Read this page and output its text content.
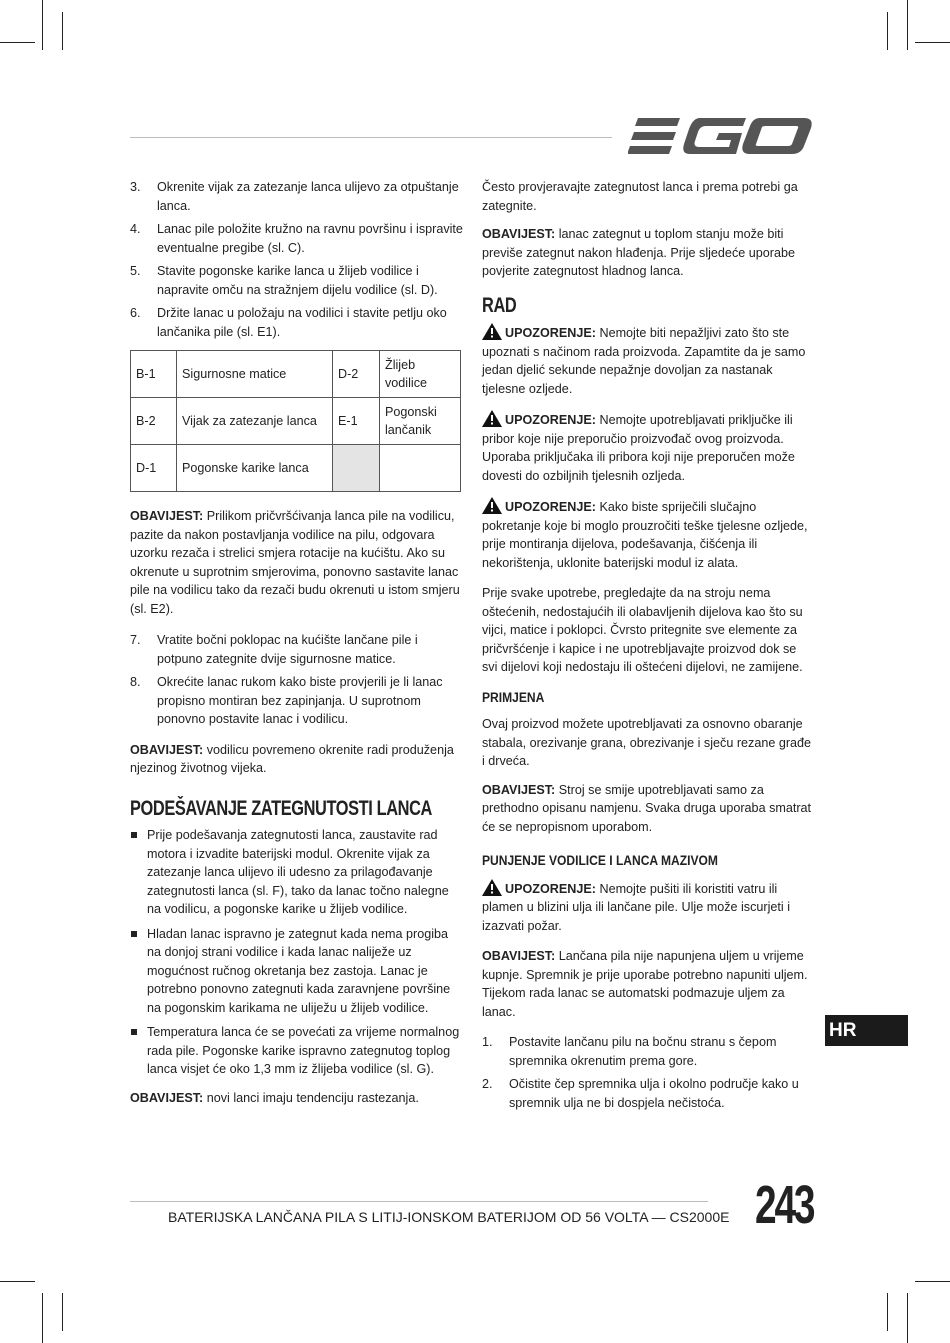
3. Okrenite vijak za zatezanje lanca ulijevo za otpuštanje lanca.
4. Lanac pile položite kružno na ravnu površinu i ispravite eventualne pregibe (sl. C).
5. Stavite pogonske karike lanca u žlijeb vodilice i napravite omču na stražnjem dijelu vodilice (sl. D).
6. Držite lanac u položaju na vodilici i stavite petlju oko lančanika pile (sl. E1).
B-1	Sigurnosne matice	D-2	Žlijeb vodilice
B-2	Vijak za zatezanje lanca	E-1	Pogonski lančanik
D-1	Pogonske karike lanca		

OBAVIJEST: Prilikom pričvršćivanja lanca pile na vodilicu, pazite da nakon postavljanja vodilice na pilu, odgovara uzorku rezača i strelici smjera rotacije na kućištu. Ako su okrenute u suprotnim smjerovima, ponovno sastavite lanac pile na vodilicu tako da rezači budu okrenuti u istom smjeru (sl. E2).

7. Vratite bočni poklopac na kućište lančane pile i potpuno zategnite dvije sigurnosne matice.
8. Okrećite lanac rukom kako biste provjerili je li lanac propisno montiran bez zapinjanja. U suprotnom ponovno postavite lanac i vodilicu.

OBAVIJEST: vodilicu povremeno okrenite radi produženja njezinog životnog vijeka.

PODEŠAVANJE ZATEGNUTOSTI LANCA
Prije podešavanja zategnutosti lanca, zaustavite rad motora i izvadite baterijski modul. Okrenite vijak za zatezanje lanca ulijevo ili udesno za prilagođavanje zategnutosti lanca (sl. F), tako da lanac točno nalegne na vodilicu, a pogonske karike u žlijeb vodilice.
Hladan lanac ispravno je zategnut kada nema progiba na donjoj strani vodilice i kada lanac naliježe uz mogućnost ručnog okretanja bez zastoja. Lanac je potrebno ponovno zategnuti kada zaravnjene površine na pogonskim karikama ne uliježu u žlijeb vodilice.
Temperatura lanca će se povećati za vrijeme normalnog rada pile. Pogonske karike ispravno zategnutog toplog lanca visjet će oko 1,3 mm iz žlijeba vodilice (sl. G).

OBAVIJEST: novi lanci imaju tendenciju rastezanja.

Često provjeravajte zategnutost lanca i prema potrebi ga zategnite.

OBAVIJEST: lanac zategnut u toplom stanju može biti previše zategnut nakon hlađenja. Prije sljedeće uporabe povjerite zategnutost hladnog lanca.

RAD

UPOZORENJE: Nemojte biti nepažljivi zato što ste upoznati s načinom rada proizvoda. Zapamtite da je samo jedan djelić sekunde nepažnje dovoljan za nastanak tjelesne ozljede.

UPOZORENJE: Nemojte upotrebljavati priključke ili pribor koje nije preporučio proizvođač ovog proizvoda. Uporaba priključaka ili pribora koji nije preporučen može dovesti do ozbiljnih tjelesnih ozljeda.

UPOZORENJE: Kako biste spriječili slučajno pokretanje koje bi moglo prouzročiti teške tjelesne ozljede, prije montiranja dijelova, podešavanja, čišćenja ili nekorištenja, uklonite baterijski modul iz alata.

Prije svake upotrebe, pregledajte da na stroju nema oštećenih, nedostajućih ili olabavljenih dijelova kao što su vijci, matice i poklopci. Čvrsto pritegnite sve elemente za pričvršćenje i kapice i ne upotrebljavajte proizvod dok se svi dijelovi koji nedostaju ili oštećeni dijelovi, ne zamijene.

PRIMJENA

Ovaj proizvod možete upotrebljavati za osnovno obaranje stabala, orezivanje grana, obrezivanje i sječu rezane građe i drveća.

OBAVIJEST: Stroj se smije upotrebljavati samo za prethodno opisanu namjenu. Svaka druga uporaba smatrat će se nepropisnom uporabom.

PUNJENJE VODILICE I LANCA MAZIVOM

UPOZORENJE: Nemojte pušiti ili koristiti vatru ili plamen u blizini ulja ili lančane pile. Ulje može iscurjeti i izazvati požar.

OBAVIJEST: Lančana pila nije napunjena uljem u vrijeme kupnje. Spremnik je prije uporabe potrebno napuniti uljem. Tijekom rada lanac se automatski podmazuje uljem za lanac.

1. Postavite lančanu pilu na bočnu stranu s čepom spremnika okrenutim prema gore.
2. Očistite čep spremnika ulja i okolno područje kako u spremnik ulja ne bi dospjela nečistoća.
HR
BATERIJSKA LANČANA PILA S LITIJ-IONSKOM BATERIJOM OD 56 VOLTA — CS2000E 243
